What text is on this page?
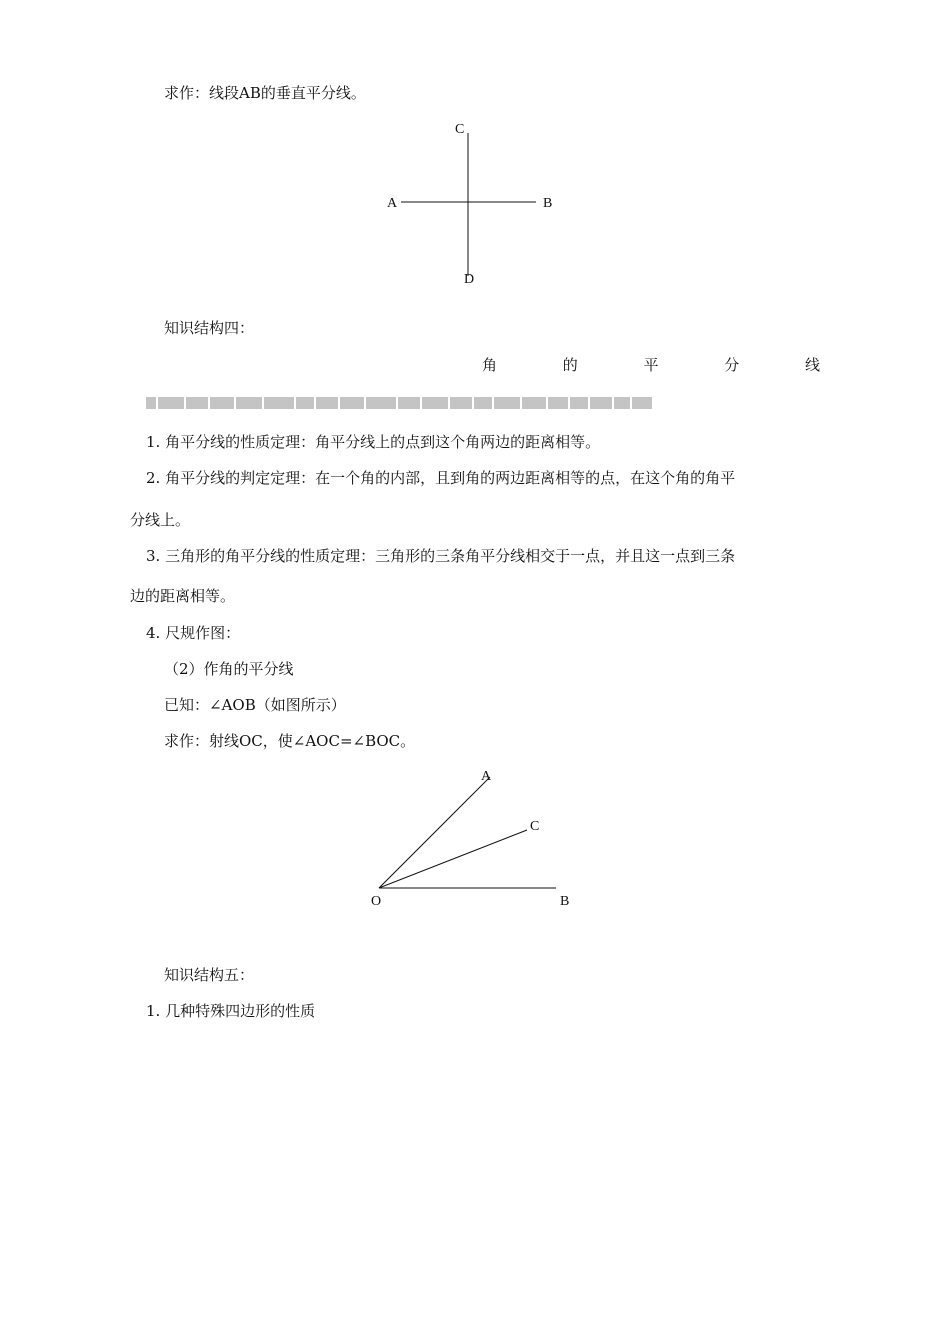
求作：线段AB的垂直平分线。
C
A	B
D
知识结构四：
角	的	平	分	线
1. 角平分线的性质定理：角平分线上的点到这个角两边的距离相等。
2. 角平分线的判定定理：在一个角的内部，且到角的两边距离相等的点，在这个角的角平
分线上。
3. 三角形的角平分线的性质定理：三角形的三条角平分线相交于一点，并且这一点到三条
边的距离相等。
4. 尺规作图：
（2）作角的平分线
已知：∠AOB（如图所示）
求作：射线OC，使∠AOC=∠BOC。
A
C
O	B
知识结构五：
1. 几种特殊四边形的性质
